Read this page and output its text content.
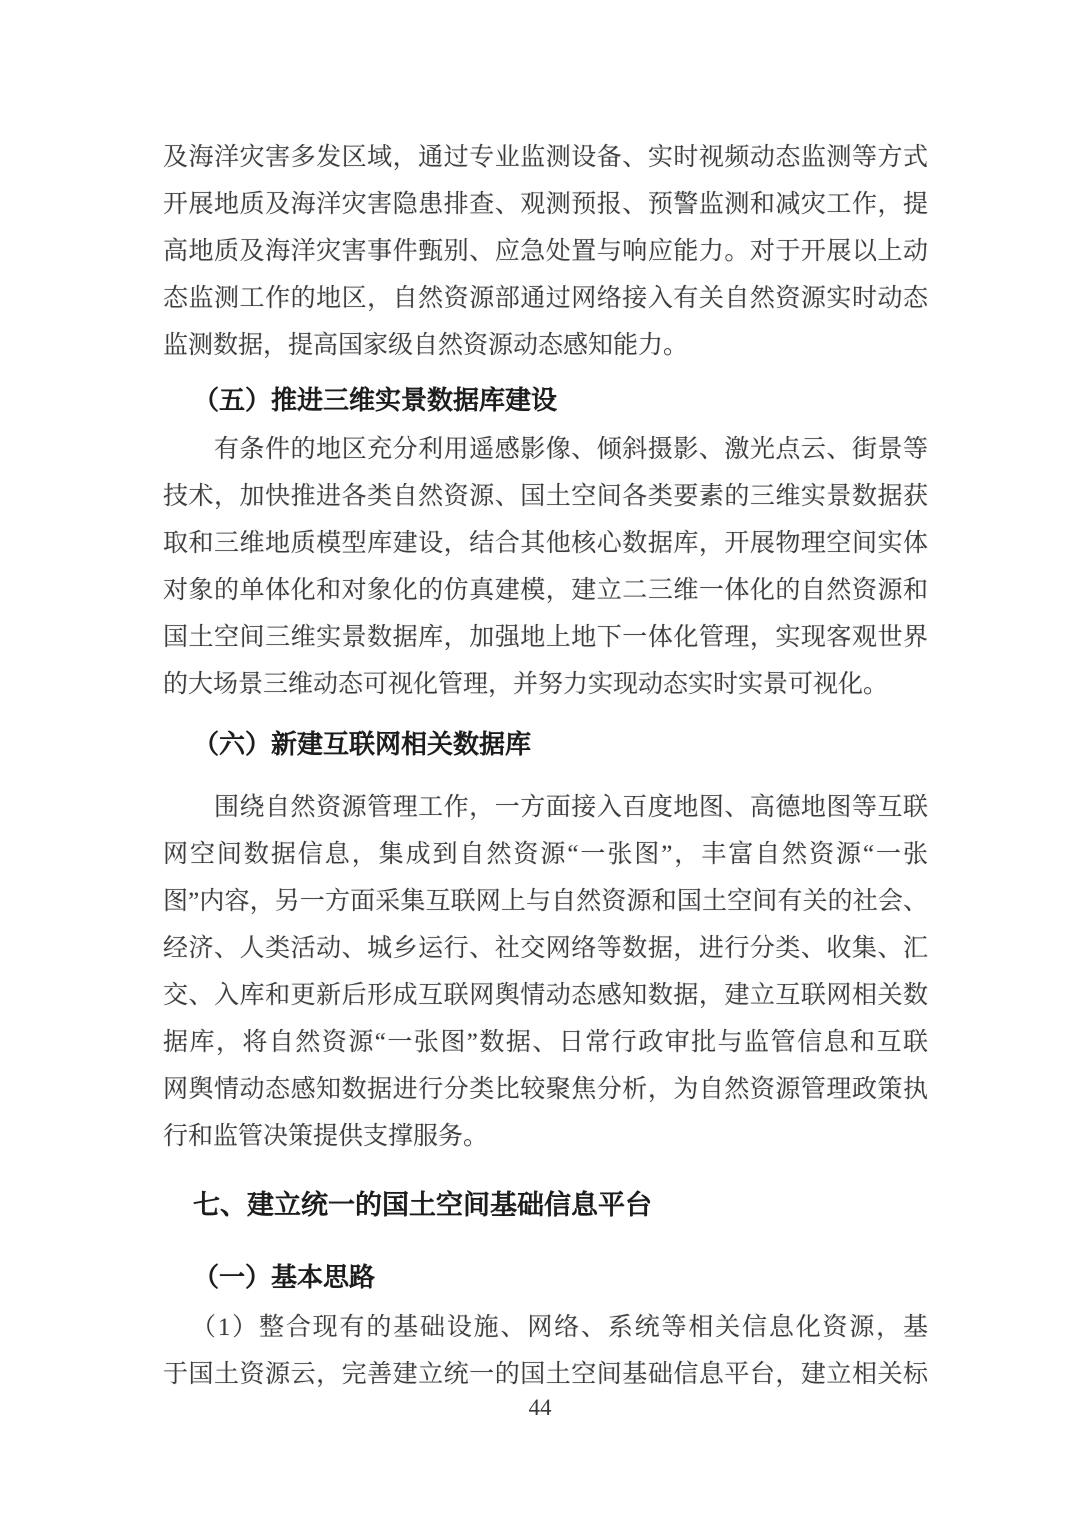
及海洋灾害多发区域，通过专业监测设备、实时视频动态监测等方式
开展地质及海洋灾害隐患排查、观测预报、预警监测和减灾工作，提
高地质及海洋灾害事件甄别、应急处置与响应能力。对于开展以上动
态监测工作的地区，自然资源部通过网络接入有关自然资源实时动态
监测数据，提高国家级自然资源动态感知能力。
（五）推进三维实景数据库建设
有条件的地区充分利用遥感影像、倾斜摄影、激光点云、街景等
技术，加快推进各类自然资源、国土空间各类要素的三维实景数据获
取和三维地质模型库建设，结合其他核心数据库，开展物理空间实体
对象的单体化和对象化的仿真建模，建立二三维一体化的自然资源和
国土空间三维实景数据库，加强地上地下一体化管理，实现客观世界
的大场景三维动态可视化管理，并努力实现动态实时实景可视化。
（六）新建互联网相关数据库
围绕自然资源管理工作，一方面接入百度地图、高德地图等互联
网空间数据信息，集成到自然资源“一张图”，丰富自然资源“一张
图”内容，另一方面采集互联网上与自然资源和国土空间有关的社会、
经济、人类活动、城乡运行、社交网络等数据，进行分类、收集、汇
交、入库和更新后形成互联网舆情动态感知数据，建立互联网相关数
据库，将自然资源“一张图”数据、日常行政审批与监管信息和互联
网舆情动态感知数据进行分类比较聚焦分析，为自然资源管理政策执
行和监管决策提供支撑服务。
七、建立统一的国土空间基础信息平台
（一）基本思路
（1）整合现有的基础设施、网络、系统等相关信息化资源，基
于国土资源云，完善建立统一的国土空间基础信息平台，建立相关标
44
